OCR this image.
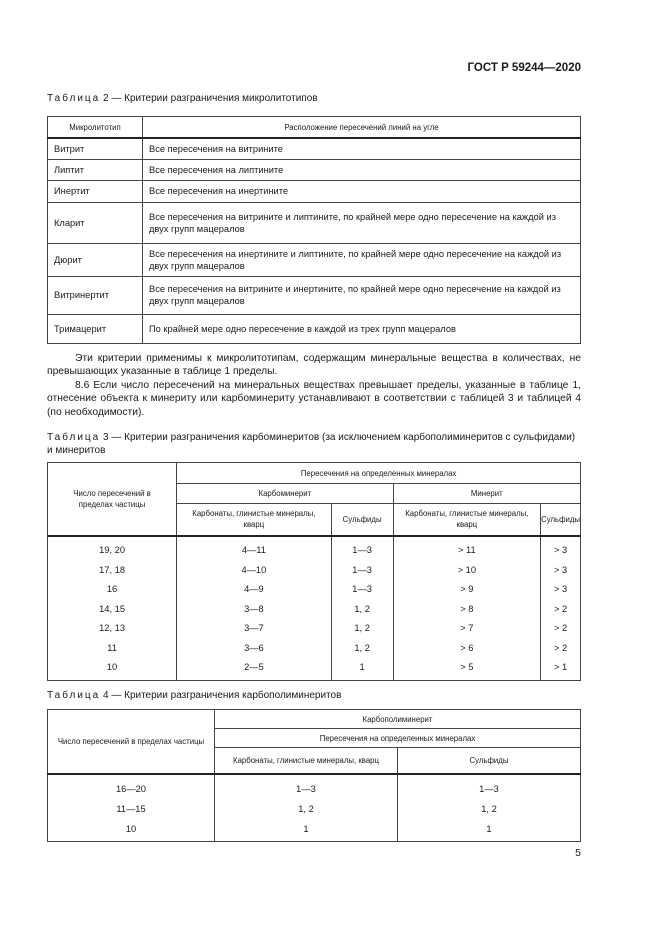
ГОСТ Р 59244—2020
Таблица 2 — Критерии разграничения микролитотипов
Микролитотип	Расположение пересечений линий на угле
Витрит	Все пересечения на витрините
Липтит	Все пересечения на липтините
Инертит	Все пересечения на инертините
Кларит	Все пересечения на витрините и липтините, по крайней мере одно пересечение на каждой из двух групп мацералов
Дюрит	Все пересечения на инертините и липтините, по крайней мере одно пересечение на каждой из двух групп мацералов
Витринертит	Все пересечения на витрините и инертините, по крайней мере одно пересечение на каждой из двух групп мацералов
Тримацерит	По крайней мере одно пересечение в каждой из трех групп мацералов

Эти критерии применимы к микролитотипам, содержащим минеральные вещества в количествах, не превышающих указанные в таблице 1 пределы.

8.6 Если число пересечений на минеральных веществах превышает пределы, указанные в таблице 1, отнесение объекта к минериту или карбоминериту устанавливают в соответствии с таблицей 3 и таблицей 4 (по необходимости).

Таблица 3 — Критерии разграничения карбоминеритов (за исключением карбополиминеритов с сульфидами) и минеритов
Число пересечений в пределах частицы	Пересечения на определенных минералах			
	Карбоминерит		Минерит	
	Карбонаты, глинистые минералы, кварц	Сульфиды	Карбонаты, глинистые минералы, кварц	Сульфиды
19, 20	4—11	1—3	> 11	> 3
17, 18	4—10	1—3	> 10	> 3
16	4—9	1—3	> 9	> 3
14, 15	3—8	1, 2	> 8	> 2
12, 13	3—7	1, 2	> 7	> 2
11	3—6	1, 2	> 6	> 2
10	2—5	1	> 5	> 1
Таблица 4 — Критерии разграничения карбополиминеритов
Число пересечений в пределах частицы	Карбополиминерит	
	Пересечения на определенных минералах	
	Карбонаты, глинистые минералы, кварц	Сульфиды
16—20	1—3	1—3
11—15	1, 2	1, 2
10	1	1
5
